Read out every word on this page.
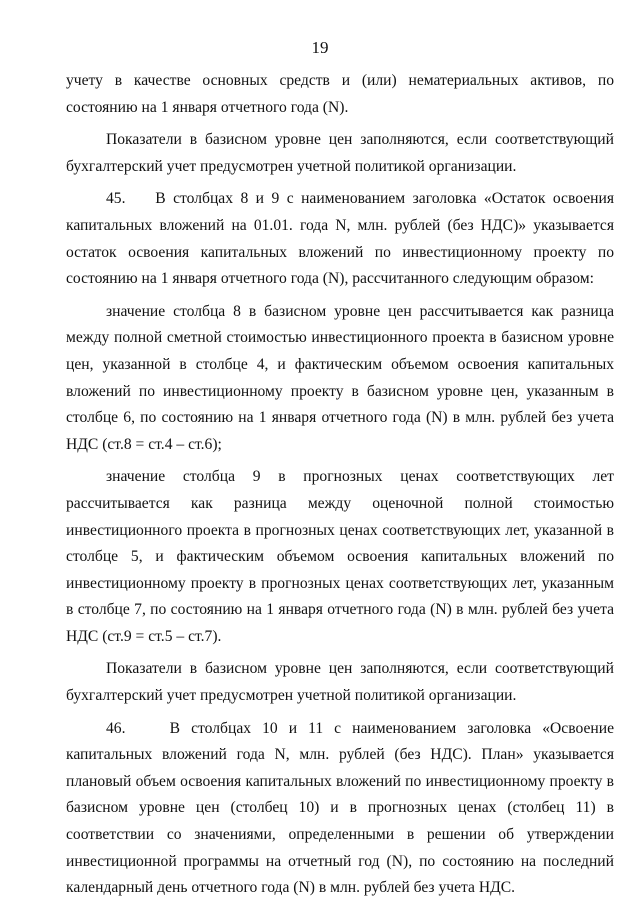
19

учету в качестве основных средств и (или) нематериальных активов, по состоянию на 1 января отчетного года (N).

Показатели в базисном уровне цен заполняются, если соответствующий бухгалтерский учет предусмотрен учетной политикой организации.

45.    В столбцах 8 и 9 с наименованием заголовка «Остаток освоения капитальных вложений на 01.01. года N, млн. рублей (без НДС)» указывается остаток освоения капитальных вложений по инвестиционному проекту по состоянию на 1 января отчетного года (N), рассчитанного следующим образом:

значение столбца 8 в базисном уровне цен рассчитывается как разница между полной сметной стоимостью инвестиционного проекта в базисном уровне цен, указанной в столбце 4, и фактическим объемом освоения капитальных вложений по инвестиционному проекту в базисном уровне цен, указанным в столбце 6, по состоянию на 1 января отчетного года (N) в млн. рублей без учета НДС (ст.8 = ст.4 – ст.6);

значение столбца 9 в прогнозных ценах соответствующих лет рассчитывается как разница между оценочной полной стоимостью инвестиционного проекта в прогнозных ценах соответствующих лет, указанной в столбце 5, и фактическим объемом освоения капитальных вложений по инвестиционному проекту в прогнозных ценах соответствующих лет, указанным в столбце 7, по состоянию на 1 января отчетного года (N) в млн. рублей без учета НДС (ст.9 = ст.5 – ст.7).

Показатели в базисном уровне цен заполняются, если соответствующий бухгалтерский учет предусмотрен учетной политикой организации.

46.    В столбцах 10 и 11 с наименованием заголовка «Освоение капитальных вложений года N, млн. рублей (без НДС). План» указывается плановый объем освоения капитальных вложений по инвестиционному проекту в базисном уровне цен (столбец 10) и в прогнозных ценах (столбец 11) в соответствии со значениями, определенными в решении об утверждении инвестиционной программы на отчетный год (N), по состоянию на последний календарный день отчетного года (N) в млн. рублей без учета НДС.
